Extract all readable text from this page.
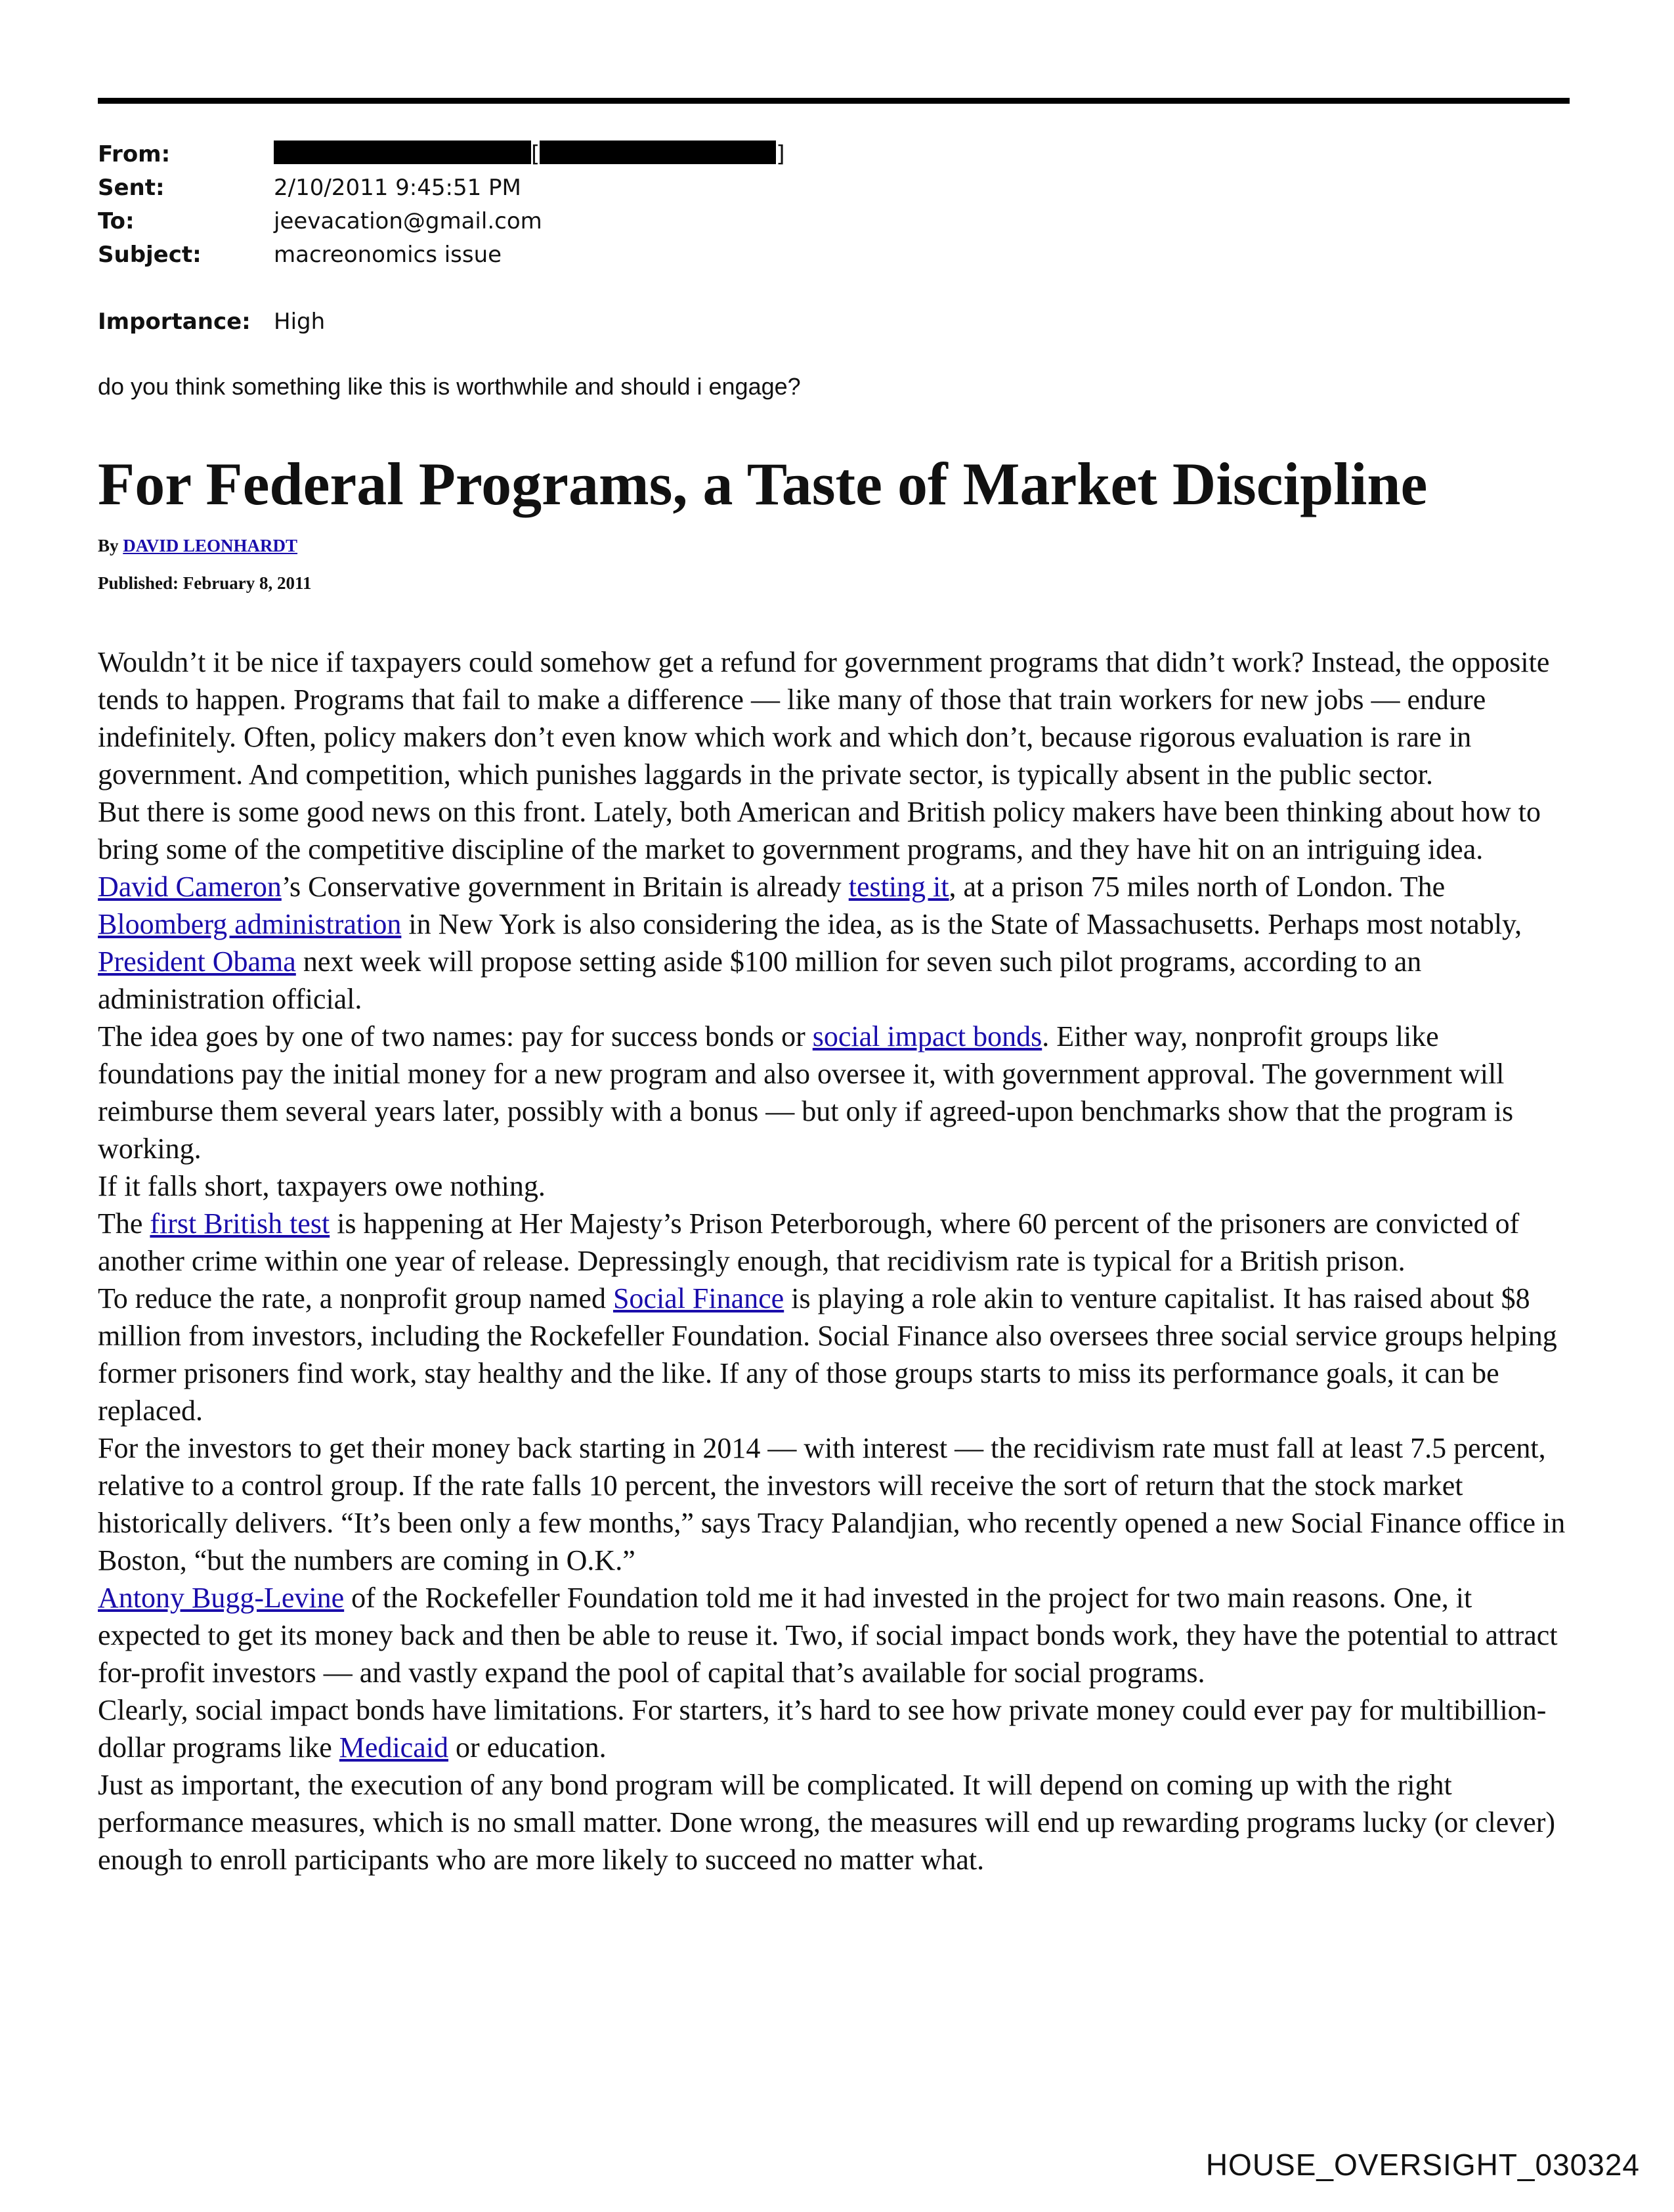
From:	[	]
Sent:	2/10/2011 9:45:51 PM
To:	jeevacation@gmail.com
Subject:	macreonomics issue
Importance: High
do you think something like this is worthwhile and should i engage?
For Federal Programs, a Taste of Market Discipline
By DAVID LEONHARDT
Published: February 8, 2011

Wouldn’t it be nice if taxpayers could somehow get a refund for government programs that didn’t work? Instead, the opposite tends to happen. Programs that fail to make a difference — like many of those that train workers for new jobs — endure indefinitely. Often, policy makers don’t even know which work and which don’t, because rigorous evaluation is rare in government. And competition, which punishes laggards in the private sector, is typically absent in the public sector.

But there is some good news on this front. Lately, both American and British policy makers have been thinking about how to bring some of the competitive discipline of the market to government programs, and they have hit on an intriguing idea.

David Cameron’s Conservative government in Britain is already testing it, at a prison 75 miles north of London. The Bloomberg administration in New York is also considering the idea, as is the State of Massachusetts. Perhaps most notably, President Obama next week will propose setting aside $100 million for seven such pilot programs, according to an administration official.

The idea goes by one of two names: pay for success bonds or social impact bonds. Either way, nonprofit groups like foundations pay the initial money for a new program and also oversee it, with government approval. The government will reimburse them several years later, possibly with a bonus — but only if agreed-upon benchmarks show that the program is working.

If it falls short, taxpayers owe nothing.

The first British test is happening at Her Majesty’s Prison Peterborough, where 60 percent of the prisoners are convicted of another crime within one year of release. Depressingly enough, that recidivism rate is typical for a British prison.

To reduce the rate, a nonprofit group named Social Finance is playing a role akin to venture capitalist. It has raised about $8 million from investors, including the Rockefeller Foundation. Social Finance also oversees three social service groups helping former prisoners find work, stay healthy and the like. If any of those groups starts to miss its performance goals, it can be replaced.

For the investors to get their money back starting in 2014 — with interest — the recidivism rate must fall at least 7.5 percent, relative to a control group. If the rate falls 10 percent, the investors will receive the sort of return that the stock market historically delivers. “It’s been only a few months,” says Tracy Palandjian, who recently opened a new Social Finance office in Boston, “but the numbers are coming in O.K.”

Antony Bugg-Levine of the Rockefeller Foundation told me it had invested in the project for two main reasons. One, it expected to get its money back and then be able to reuse it. Two, if social impact bonds work, they have the potential to attract for-profit investors — and vastly expand the pool of capital that’s available for social programs.

Clearly, social impact bonds have limitations. For starters, it’s hard to see how private money could ever pay for multibillion-dollar programs like Medicaid or education.

Just as important, the execution of any bond program will be complicated. It will depend on coming up with the right performance measures, which is no small matter. Done wrong, the measures will end up rewarding programs lucky (or clever) enough to enroll participants who are more likely to succeed no matter what.

HOUSE_OVERSIGHT_030324
